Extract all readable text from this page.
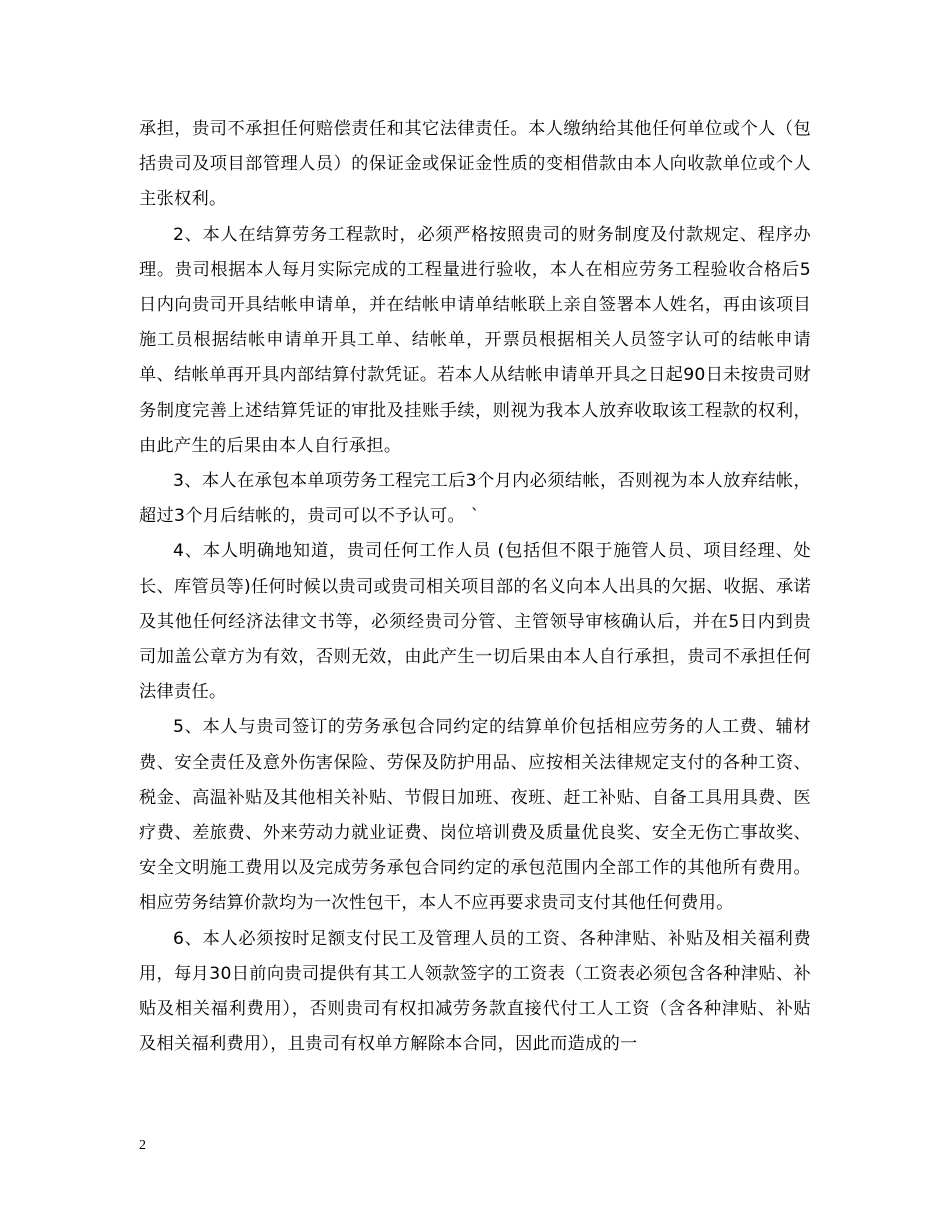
承担，贵司不承担任何赔偿责任和其它法律责任。本人缴纳给其他任何单位或个人（包括贵司及项目部管理人员）的保证金或保证金性质的变相借款由本人向收款单位或个人主张权利。

2、本人在结算劳务工程款时，必须严格按照贵司的财务制度及付款规定、程序办理。贵司根据本人每月实际完成的工程量进行验收，本人在相应劳务工程验收合格后5日内向贵司开具结帐申请单，并在结帐申请单结帐联上亲自签署本人姓名，再由该项目施工员根据结帐申请单开具工单、结帐单，开票员根据相关人员签字认可的结帐申请单、结帐单再开具内部结算付款凭证。若本人从结帐申请单开具之日起90日未按贵司财务制度完善上述结算凭证的审批及挂账手续，则视为我本人放弃收取该工程款的权利，由此产生的后果由本人自行承担。

3、本人在承包本单项劳务工程完工后3个月内必须结帐，否则视为本人放弃结帐，超过3个月后结帐的，贵司可以不予认可。 `

4、本人明确地知道，贵司任何工作人员 (包括但不限于施管人员、项目经理、处长、库管员等)任何时候以贵司或贵司相关项目部的名义向本人出具的欠据、收据、承诺及其他任何经济法律文书等，必须经贵司分管、主管领导审核确认后，并在5日内到贵司加盖公章方为有效，否则无效，由此产生一切后果由本人自行承担，贵司不承担任何法律责任。

5、本人与贵司签订的劳务承包合同约定的结算单价包括相应劳务的人工费、辅材费、安全责任及意外伤害保险、劳保及防护用品、应按相关法律规定支付的各种工资、税金、高温补贴及其他相关补贴、节假日加班、夜班、赶工补贴、自备工具用具费、医疗费、差旅费、外来劳动力就业证费、岗位培训费及质量优良奖、安全无伤亡事故奖、安全文明施工费用以及完成劳务承包合同约定的承包范围内全部工作的其他所有费用。相应劳务结算价款均为一次性包干，本人不应再要求贵司支付其他任何费用。

6、本人必须按时足额支付民工及管理人员的工资、各种津贴、补贴及相关福利费用，每月30日前向贵司提供有其工人领款签字的工资表（工资表必须包含各种津贴、补贴及相关福利费用），否则贵司有权扣减劳务款直接代付工人工资（含各种津贴、补贴及相关福利费用），且贵司有权单方解除本合同，因此而造成的一

2
